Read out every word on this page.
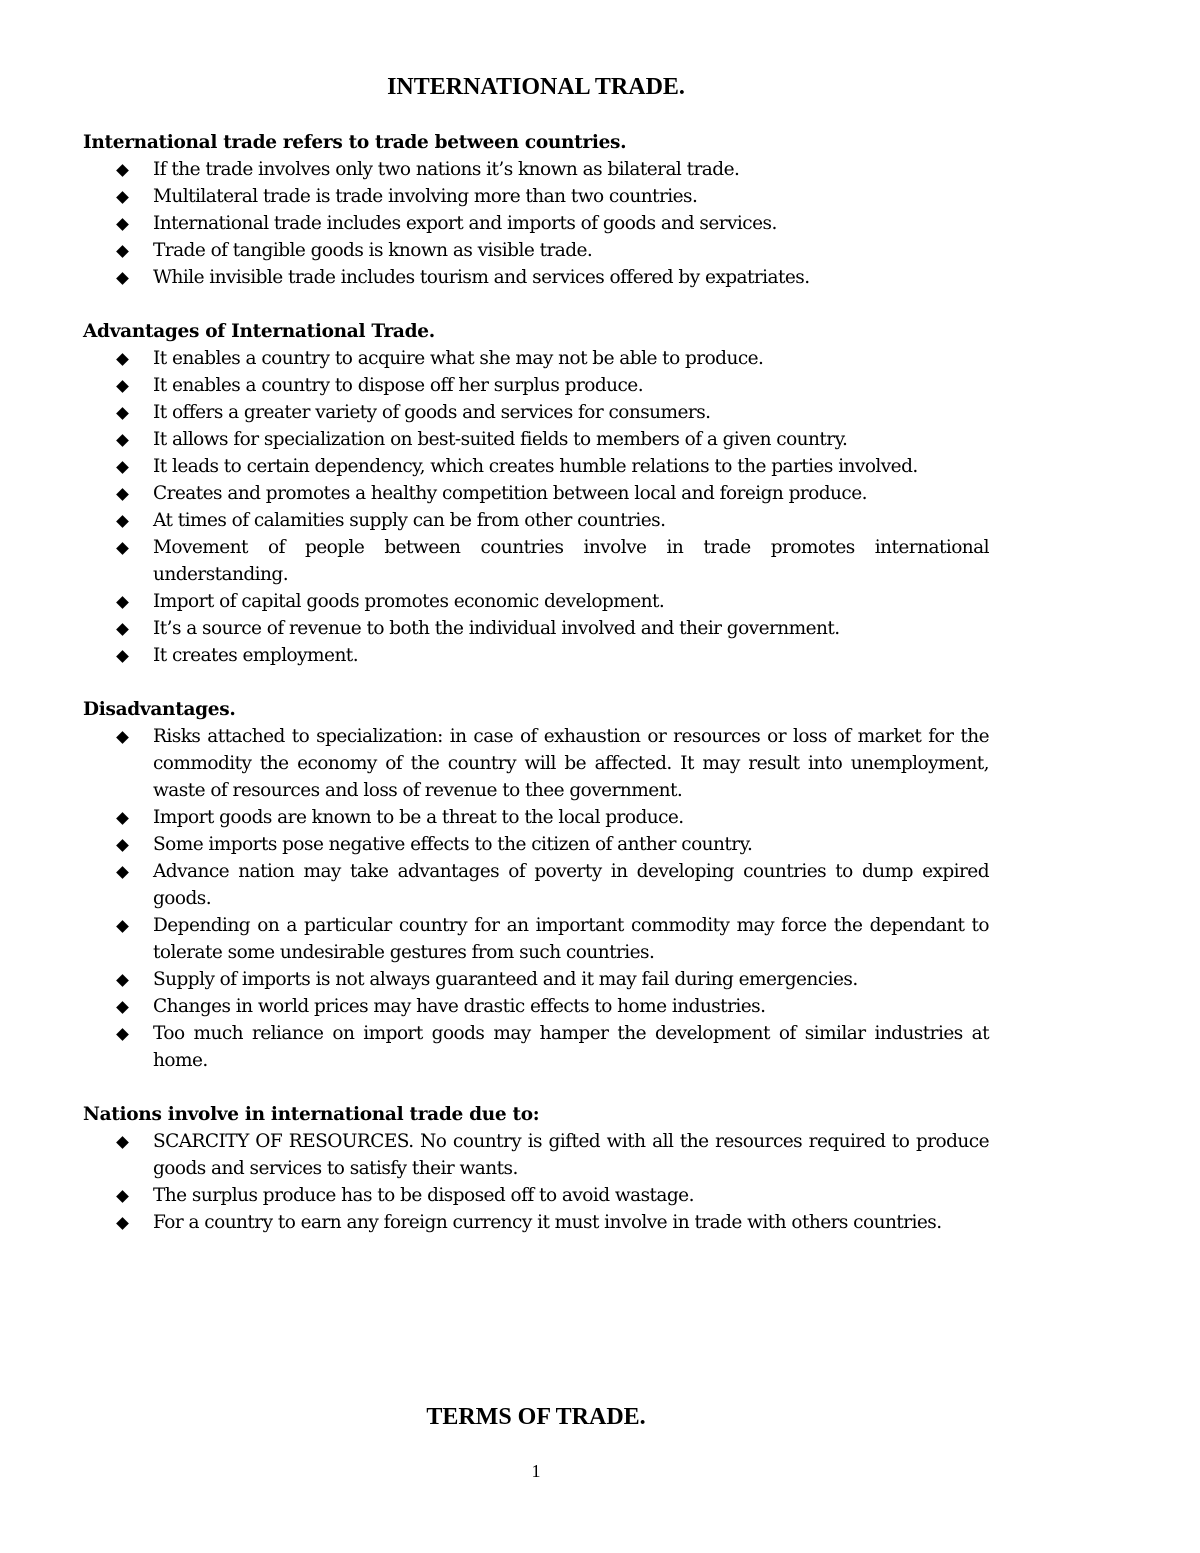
INTERNATIONAL TRADE.

International trade refers to trade between countries.

If the trade involves only two nations it’s known as bilateral trade.
Multilateral trade is trade involving more than two countries.
International trade includes export and imports of goods and services.
Trade of tangible goods is known as visible trade.
While invisible trade includes tourism and services offered by expatriates.

Advantages of International Trade.

It enables a country to acquire what she may not be able to produce.
It enables a country to dispose off her surplus produce.
It offers a greater variety of goods and services for consumers.
It allows for specialization on best-suited fields to members of a given country.
It leads to certain dependency, which creates humble relations to the parties involved.
Creates and promotes a healthy competition between local and foreign produce.
At times of calamities supply can be from other countries.
Movement of people between countries involve in trade promotes international understanding.
Import of capital goods promotes economic development.
It’s a source of revenue to both the individual involved and their government.
It creates employment.

Disadvantages.

Risks attached to specialization: in case of exhaustion or resources or loss of market for the commodity the economy of the country will be affected. It may result into unemployment, waste of resources and loss of revenue to thee government.
Import goods are known to be a threat to the local produce.
Some imports pose negative effects to the citizen of anther country.
Advance nation may take advantages of poverty in developing countries to dump expired goods.
Depending on a particular country for an important commodity may force the dependant to tolerate some undesirable gestures from such countries.
Supply of imports is not always guaranteed and it may fail during emergencies.
Changes in world prices may have drastic effects to home industries.
Too much reliance on import goods may hamper the development of similar industries at home.

Nations involve in international trade due to:

SCARCITY OF RESOURCES. No country is gifted with all the resources required to produce goods and services to satisfy their wants.
The surplus produce has to be disposed off to avoid wastage.
For a country to earn any foreign currency it must involve in trade with others countries.
TERMS OF TRADE.

1
